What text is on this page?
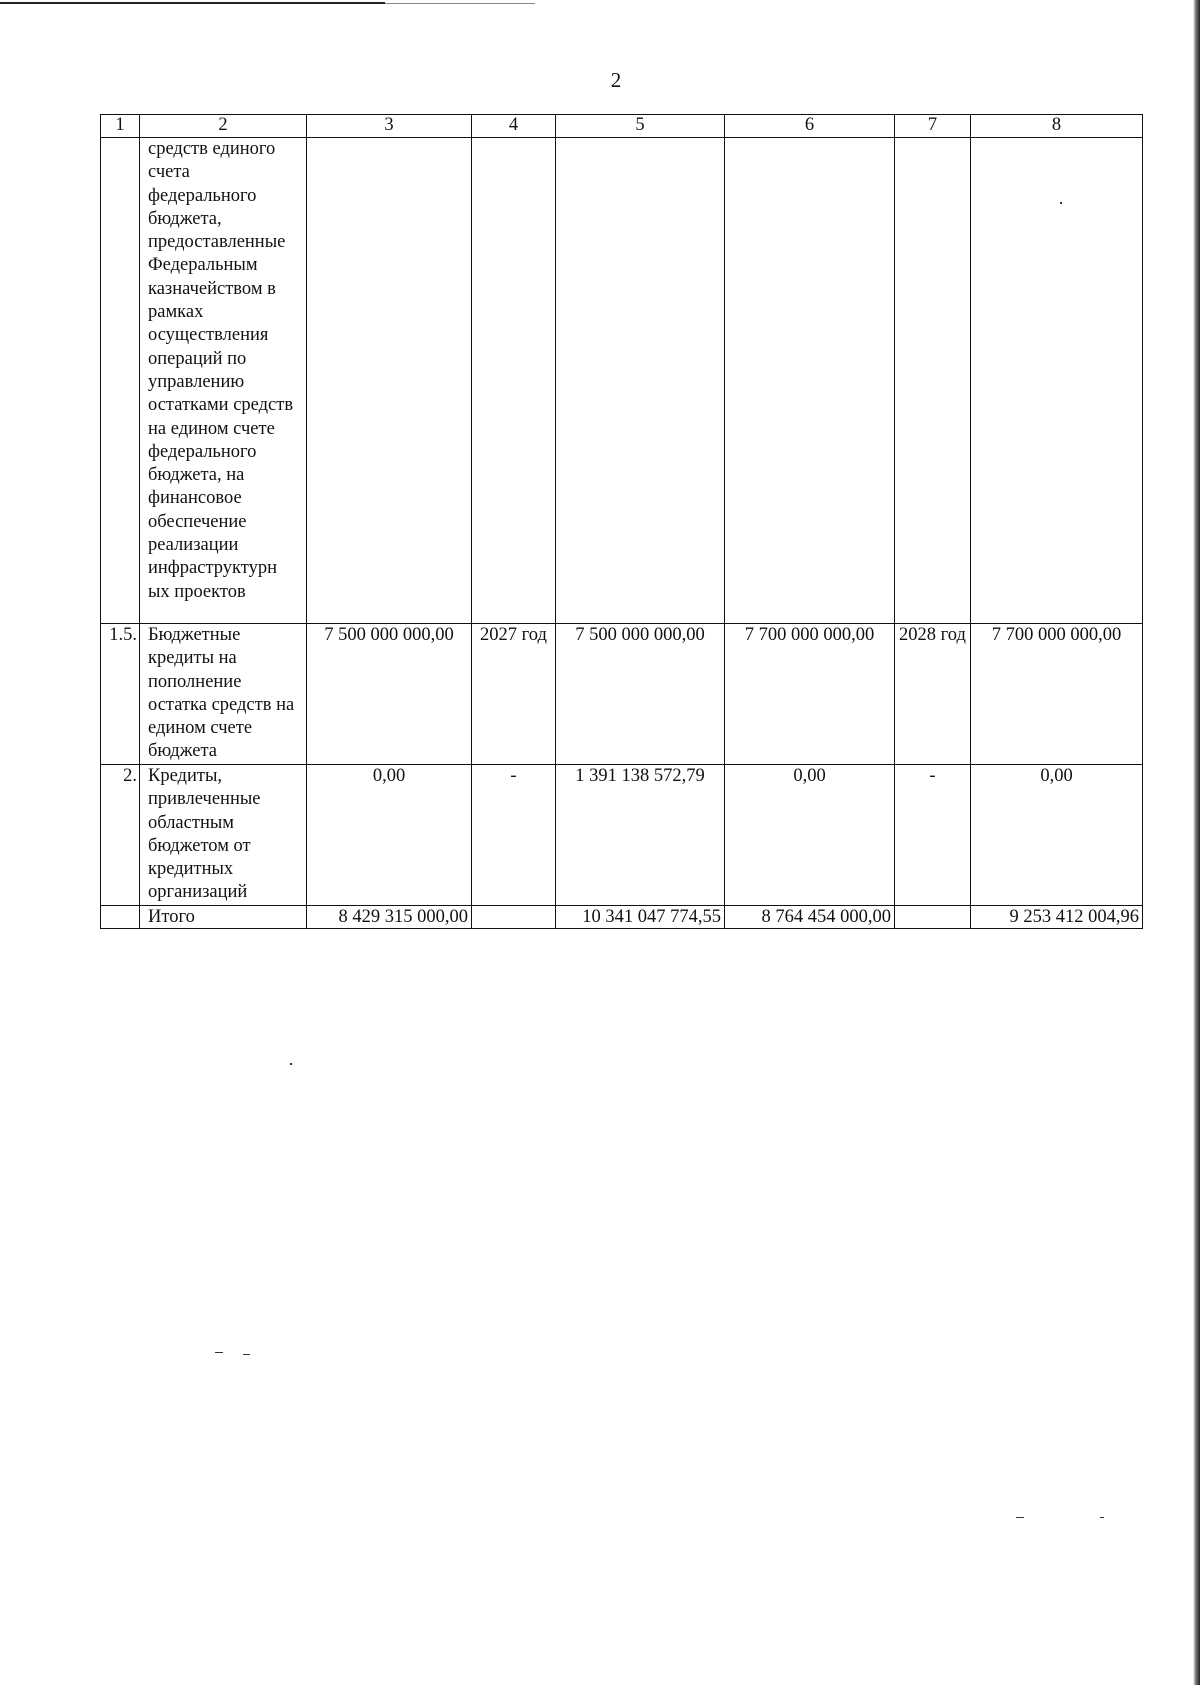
2
1	2	3	4	5	6	7	8
	средств единого счета федерального бюджета, предоставленные Федеральным казначейством в рамках осуществления операций по управлению остатками средств на едином счете федерального бюджета, на финансовое обеспечение реализации инфраструктурн ых проектов						
1.5.	Бюджетные кредиты на пополнение остатка средств на едином счете бюджета	7 500 000 000,00	2027 год	7 500 000 000,00	7 700 000 000,00	2028 год	7 700 000 000,00
2.	Кредиты, привлеченные областным бюджетом от кредитных организаций	0,00	-	1 391 138 572,79	0,00	-	0,00
	Итого	8 429 315 000,00		10 341 047 774,55	8 764 454 000,00		9 253 412 004,96
